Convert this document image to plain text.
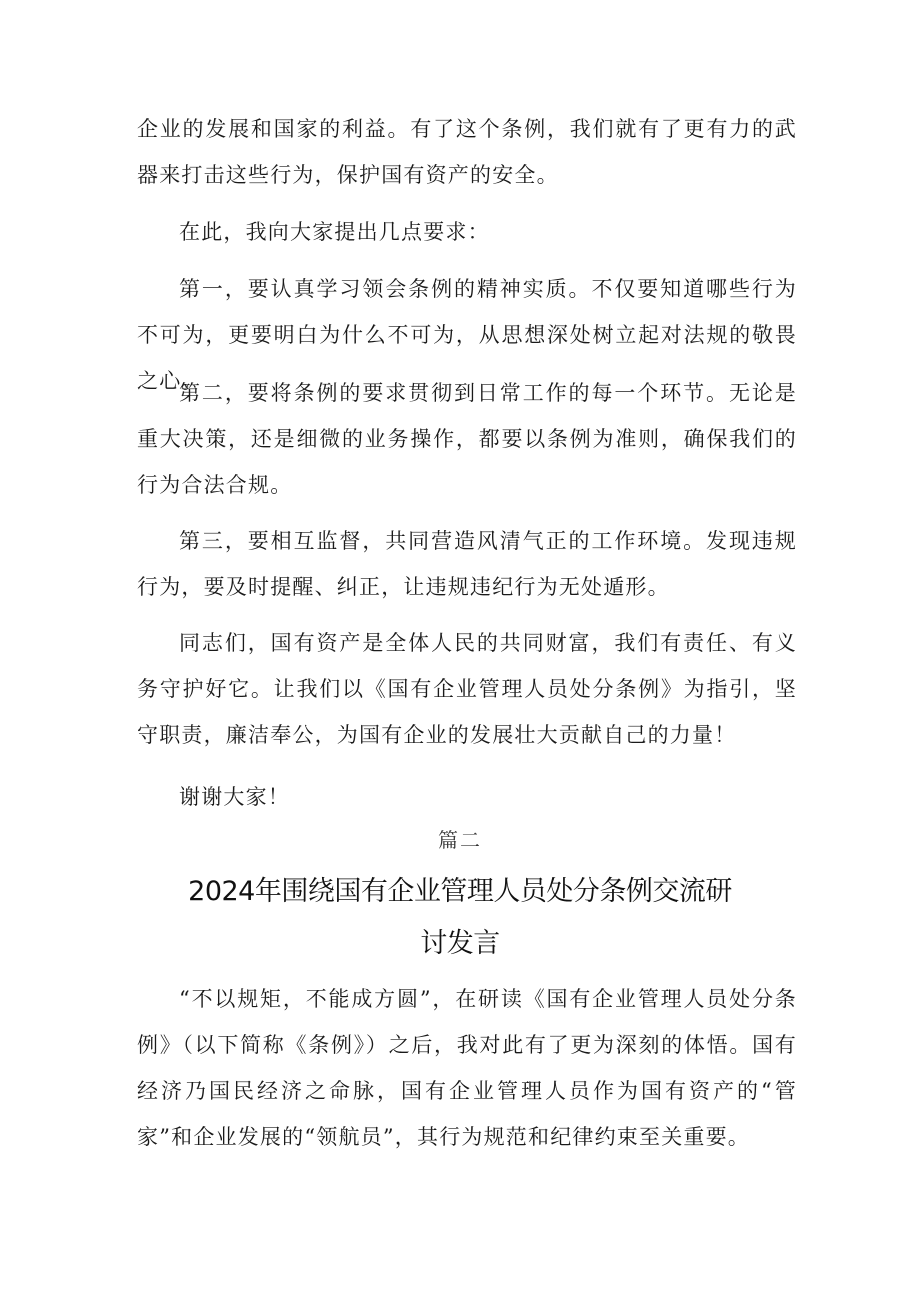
企业的发展和国家的利益。有了这个条例，我们就有了更有力的武器来打击这些行为，保护国有资产的安全。

在此，我向大家提出几点要求：

第一，要认真学习领会条例的精神实质。不仅要知道哪些行为不可为，更要明白为什么不可为，从思想深处树立起对法规的敬畏之心。

第二，要将条例的要求贯彻到日常工作的每一个环节。无论是重大决策，还是细微的业务操作，都要以条例为准则，确保我们的行为合法合规。

第三，要相互监督，共同营造风清气正的工作环境。发现违规行为，要及时提醒、纠正，让违规违纪行为无处遁形。

同志们，国有资产是全体人民的共同财富，我们有责任、有义务守护好它。让我们以《国有企业管理人员处分条例》为指引，坚守职责，廉洁奉公，为国有企业的发展壮大贡献自己的力量！

谢谢大家！

篇二

2024年围绕国有企业管理人员处分条例交流研

讨发言

“不以规矩，不能成方圆”，在研读《国有企业管理人员处分条例》（以下简称《条例》）之后，我对此有了更为深刻的体悟。国有经济乃国民经济之命脉，国有企业管理人员作为国有资产的“管家”和企业发展的“领航员”，其行为规范和纪律约束至关重要。
